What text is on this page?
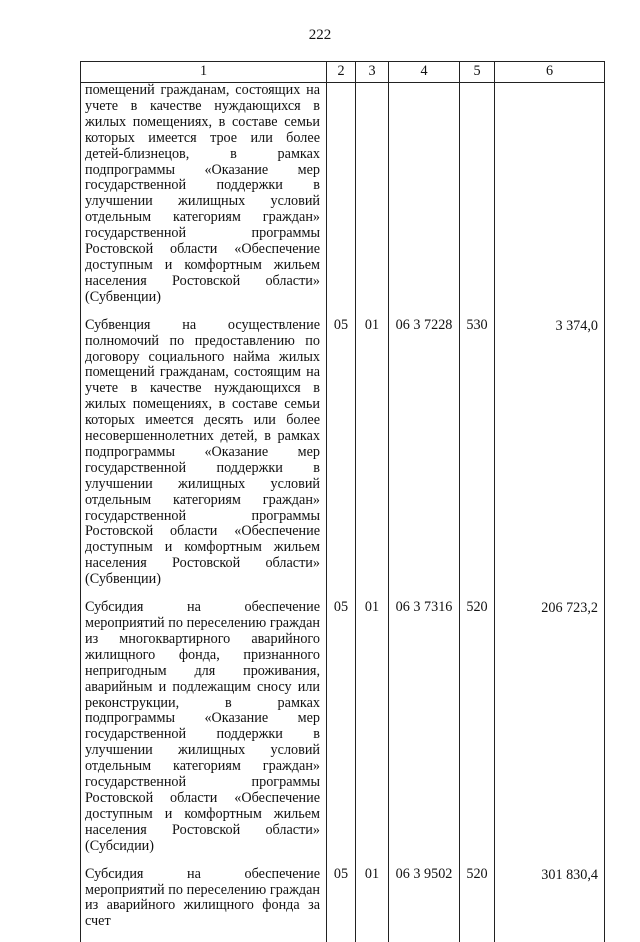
222
1	2	3	4	5	6
помещений гражданам, состоящих на учете в качестве нуждающихся в жилых помещениях, в составе семьи которых имеется трое или более детей-близнецов, в рамках подпрограммы «Оказание мер государственной поддержки в улучшении жилищных условий отдельным категориям граждан» государственной программы Ростовской области «Обеспечение доступным и комфортным жильем населения Ростовской области» (Субвенции)					
Субвенция на осуществление полномочий по предоставлению по договору социального найма жилых помещений гражданам, состоящим на учете в качестве нуждающихся в жилых помещениях, в составе семьи которых имеется десять или более несовершеннолетних детей, в рамках подпрограммы «Оказание мер государственной поддержки в улучшении жилищных условий отдельным категориям граждан» государственной программы Ростовской области «Обеспечение доступным и комфортным жильем населения Ростовской области» (Субвенции)	05	01	06 3 7228	530	3 374,0
Субсидия на обеспечение мероприятий по переселению граждан из многоквартирного аварийного жилищного фонда, признанного непригодным для проживания, аварийным и подлежащим сносу или реконструкции, в рамках подпрограммы «Оказание мер государственной поддержки в улучшении жилищных условий отдельным категориям граждан» государственной программы Ростовской области «Обеспечение доступным и комфортным жильем населения Ростовской области» (Субсидии)	05	01	06 3 7316	520	206 723,2
Субсидия на обеспечение мероприятий по переселению граждан из аварийного жилищного фонда за счет	05	01	06 3 9502	520	301 830,4
